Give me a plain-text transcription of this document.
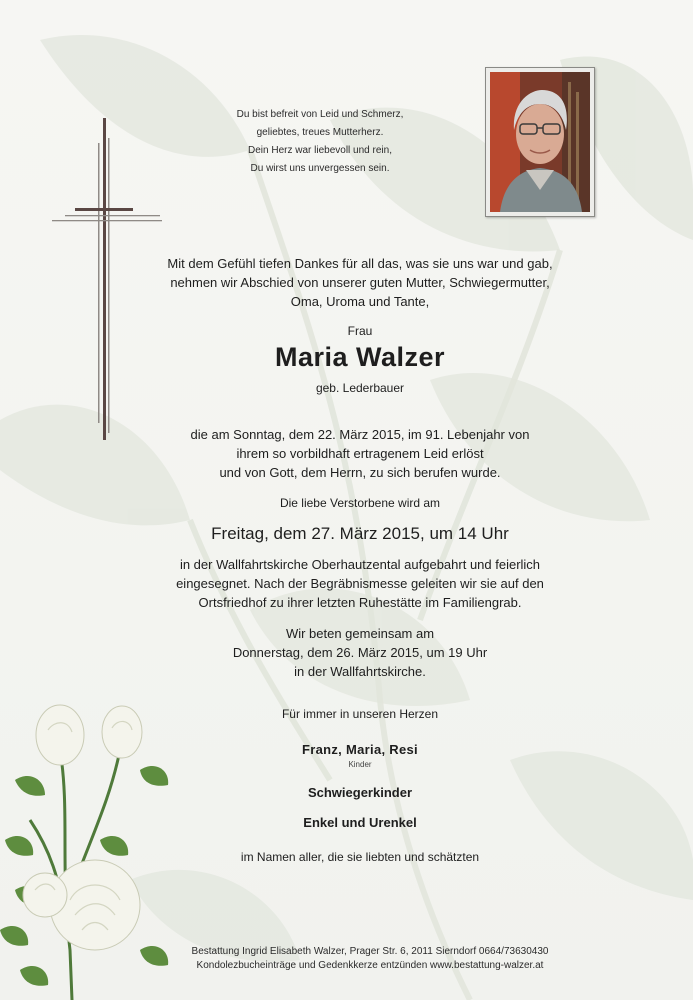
Du bist befreit von Leid und Schmerz,
geliebtes, treues Mutterherz.
Dein Herz war liebevoll und rein,
Du wirst uns unvergessen sein.
Mit dem Gefühl tiefen Dankes für all das, was sie uns war und gab,
nehmen wir Abschied von unserer guten Mutter, Schwiegermutter,
Oma, Uroma und Tante,
Frau
Maria Walzer
geb. Lederbauer
die am Sonntag, dem 22. März 2015, im 91. Lebenjahr von
ihrem so vorbildhaft ertragenem Leid erlöst
und von Gott, dem Herrn, zu sich berufen wurde.
Die liebe Verstorbene wird am
Freitag, dem 27. März 2015, um 14 Uhr
in der Wallfahrtskirche Oberhautzental aufgebahrt und feierlich
eingesegnet. Nach der Begräbnismesse geleiten wir sie auf den
Ortsfriedhof zu ihrer letzten Ruhestätte im Familiengrab.
Wir beten gemeinsam am
Donnerstag, dem 26. März 2015, um 19 Uhr
in der Wallfahrtskirche.
Für immer in unseren Herzen
Franz, Maria, Resi
Kinder
Schwiegerkinder
Enkel und Urenkel
im Namen aller, die sie liebten und schätzten
Bestattung Ingrid Elisabeth Walzer, Prager Str. 6, 2011 Sierndorf 0664/73630430
Kondolezbucheinträge und Gedenkkerze entzünden www.bestattung-walzer.at
